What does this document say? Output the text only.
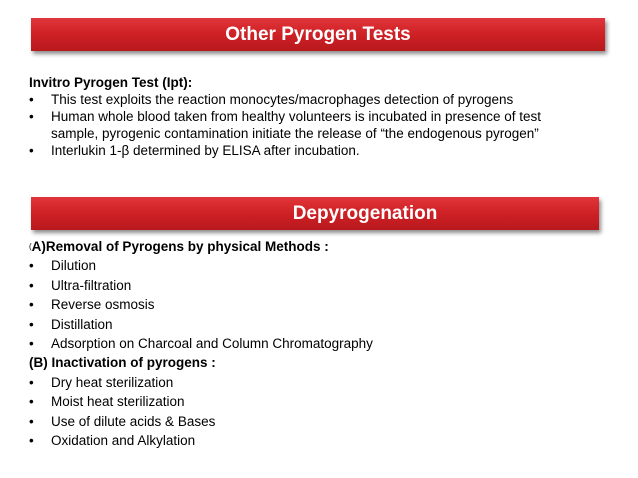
Other Pyrogen Tests
Invitro Pyrogen Test (Ipt):
•	This test exploits the reaction monocytes/macrophages detection of pyrogens
•	Human whole blood taken from healthy volunteers is incubated in presence of test sample, pyrogenic contamination initiate the release of “the endogenous pyrogen”
•	Interlukin 1-β determined by ELISA after incubation.
Depyrogenation
(A)Removal of Pyrogens by physical Methods :
•	Dilution
•	Ultra-filtration
•	Reverse osmosis
•	Distillation
•	Adsorption on Charcoal and Column Chromatography
(B) Inactivation of pyrogens :
•	Dry heat sterilization
•	Moist heat sterilization
•	Use of dilute acids & Bases
•	Oxidation and Alkylation
